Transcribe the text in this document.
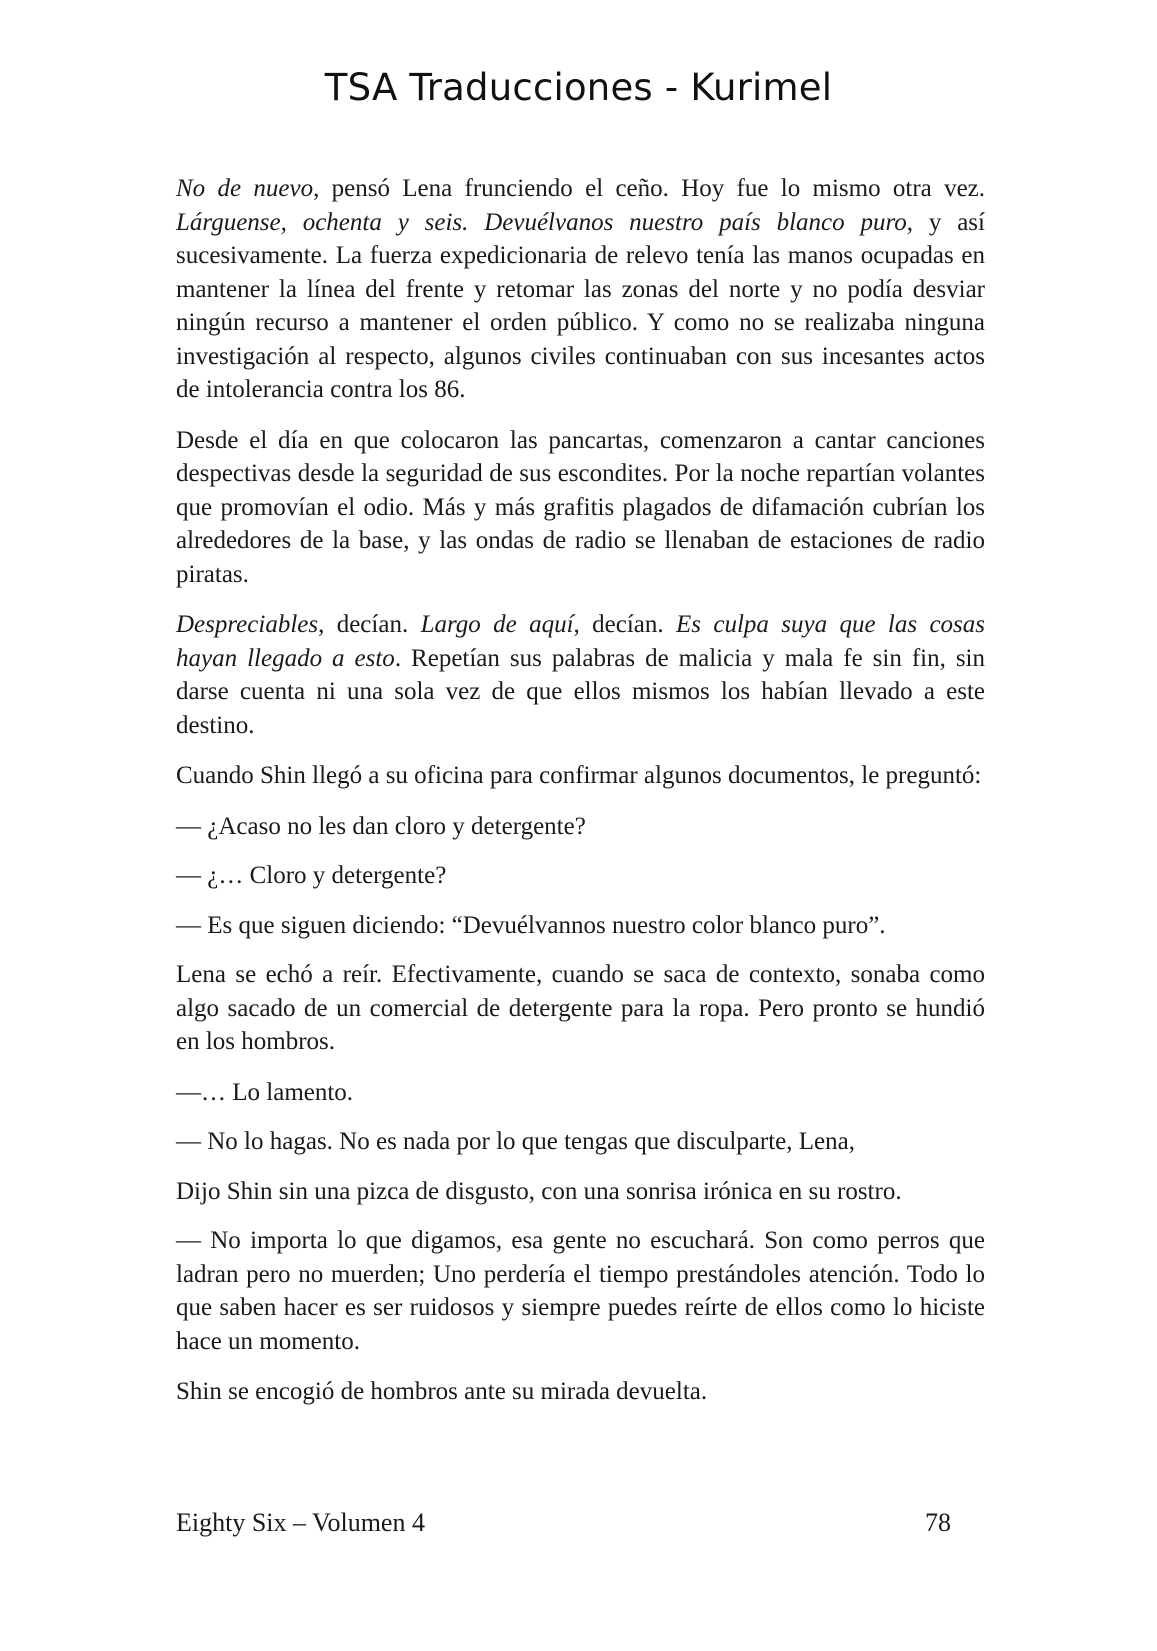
TSA Traducciones - Kurimel

No de nuevo, pensó Lena frunciendo el ceño. Hoy fue lo mismo otra vez. Lárguense, ochenta y seis. Devuélvanos nuestro país blanco puro, y así sucesivamente. La fuerza expedicionaria de relevo tenía las manos ocupadas en mantener la línea del frente y retomar las zonas del norte y no podía desviar ningún recurso a mantener el orden público. Y como no se realizaba ninguna investigación al respecto, algunos civiles continuaban con sus incesantes actos de intolerancia contra los 86.

Desde el día en que colocaron las pancartas, comenzaron a cantar canciones despectivas desde la seguridad de sus escondites. Por la noche repartían volantes que promovían el odio. Más y más grafitis plagados de difamación cubrían los alrededores de la base, y las ondas de radio se llenaban de estaciones de radio piratas.

Despreciables, decían. Largo de aquí, decían. Es culpa suya que las cosas hayan llegado a esto. Repetían sus palabras de malicia y mala fe sin fin, sin darse cuenta ni una sola vez de que ellos mismos los habían llevado a este destino.

Cuando Shin llegó a su oficina para confirmar algunos documentos, le preguntó:

— ¿Acaso no les dan cloro y detergente?

— ¿… Cloro y detergente?

— Es que siguen diciendo: “Devuélvannos nuestro color blanco puro”.

Lena se echó a reír. Efectivamente, cuando se saca de contexto, sonaba como algo sacado de un comercial de detergente para la ropa. Pero pronto se hundió en los hombros.

—… Lo lamento.

— No lo hagas. No es nada por lo que tengas que disculparte, Lena,

Dijo Shin sin una pizca de disgusto, con una sonrisa irónica en su rostro.

— No importa lo que digamos, esa gente no escuchará. Son como perros que ladran pero no muerden; Uno perdería el tiempo prestándoles atención. Todo lo que saben hacer es ser ruidosos y siempre puedes reírte de ellos como lo hiciste hace un momento.

Shin se encogió de hombros ante su mirada devuelta.

Eighty Six – Volumen 4	78
